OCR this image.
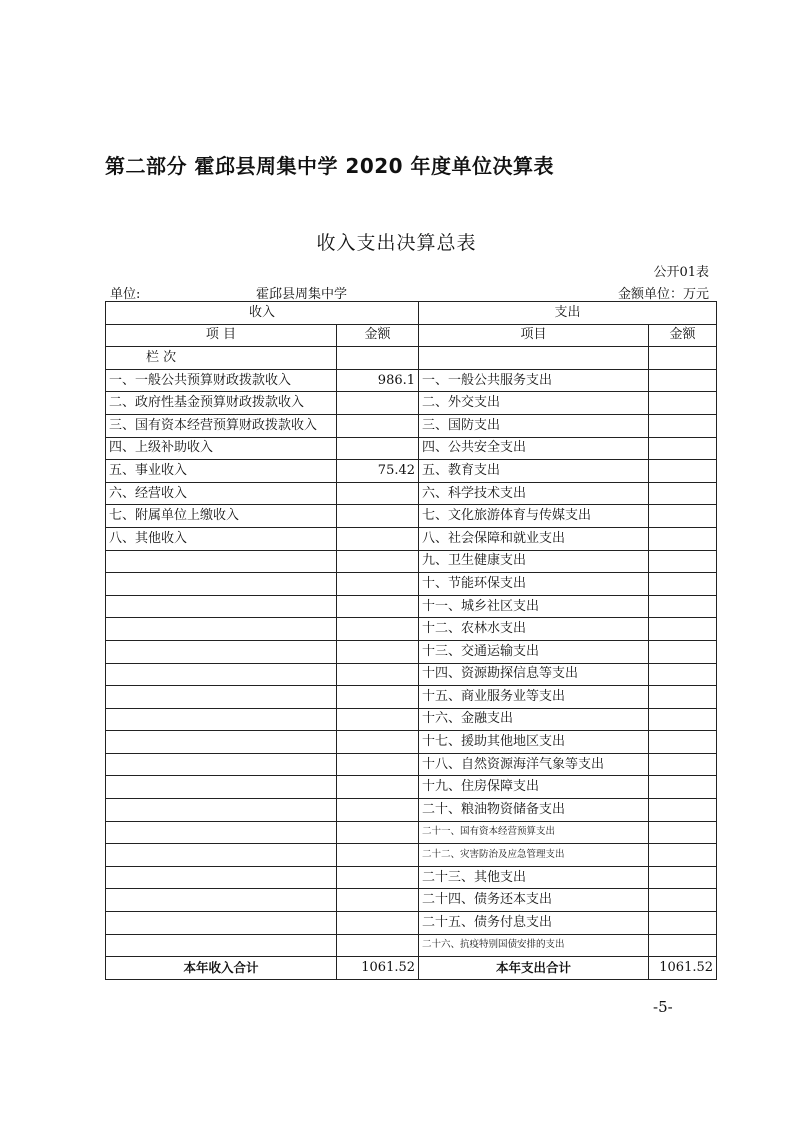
第二部分 霍邱县周集中学 2020 年度单位决算表
收入支出决算总表
公开01表
单位:	霍邱县周集中学	金额单位：万元
收入		支出	
项 目	金额	项目	金额
栏 次			
一、一般公共预算财政拨款收入	986.1	一、一般公共服务支出	
二、政府性基金预算财政拨款收入		二、外交支出	
三、国有资本经营预算财政拨款收入		三、国防支出	
四、上级补助收入		四、公共安全支出	
五、事业收入	75.42	五、教育支出	
六、经营收入		六、科学技术支出	
七、附属单位上缴收入		七、文化旅游体育与传媒支出	
八、其他收入		八、社会保障和就业支出	
		九、卫生健康支出	
		十、节能环保支出	
		十一、城乡社区支出	
		十二、农林水支出	
		十三、交通运输支出	
		十四、资源勘探信息等支出	
		十五、商业服务业等支出	
		十六、金融支出	
		十七、援助其他地区支出	
		十八、自然资源海洋气象等支出	
		十九、住房保障支出	
		二十、粮油物资储备支出	
		二十一、国有资本经营预算支出	
		二十二、灾害防治及应急管理支出	
		二十三、其他支出	
		二十四、债务还本支出	
		二十五、债务付息支出	
		二十六、抗疫特别国债安排的支出	
本年收入合计	1061.52	本年支出合计	1061.52
-5-
